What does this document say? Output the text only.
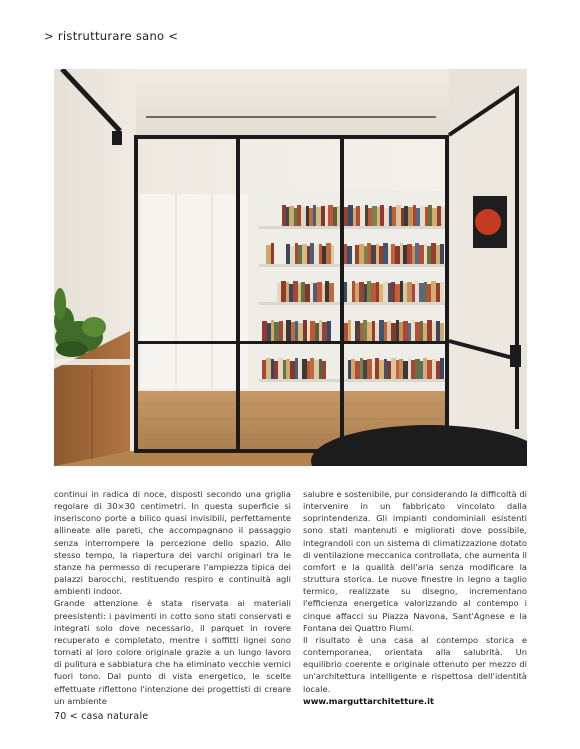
> ristrutturare sano <

continui in radica di noce, disposti secondo una griglia regolare di 30×30 centimetri. In questa superficie si inseriscono porte a bilico quasi invisibili, perfettamente allineate alle pareti, che accompagnano il passaggio senza interrompere la percezione dello spazio. Allo stesso tempo, la riapertura dei varchi originari tra le stanze ha permesso di recuperare l'ampiezza tipica dei palazzi barocchi, restituendo respiro e continuità agli ambienti indoor.

Grande attenzione è stata riservata ai materiali preesistenti: i pavimenti in cotto sono stati conservati e integrati solo dove necessario, il parquet in rovere recuperato e completato, mentre i soffitti lignei sono tornati al loro colore originale grazie a un lungo lavoro di pulitura e sabbiatura che ha eliminato vecchie vernici fuori tono. Dal punto di vista energetico, le scelte effettuate riflettono l'intenzione dei progettisti di creare un ambiente

salubre e sostenibile, pur considerando la difficoltà di intervenire in un fabbricato vincolato dalla soprintendenza. Gli impianti condominiali esistenti sono stati mantenuti e migliorati dove possibile, integrandoli con un sistema di climatizzazione dotato di ventilazione meccanica controllata, che aumenta il comfort e la qualità dell'aria senza modificare la struttura storica. Le nuove finestre in legno a taglio termico, realizzate su disegno, incrementano l'efficienza energetica valorizzando al contempo i cinque affacci su Piazza Navona, Sant'Agnese e la Fontana dei Quattro Fiumi.

Il risultato è una casa al contempo storica e contemporanea, orientata alla salubrità. Un equilibrio coerente e originale ottenuto per mezzo di un'architettura intelligente e rispettosa dell'identità locale.

www.marguttarchitetture.it

70 < casa naturale
